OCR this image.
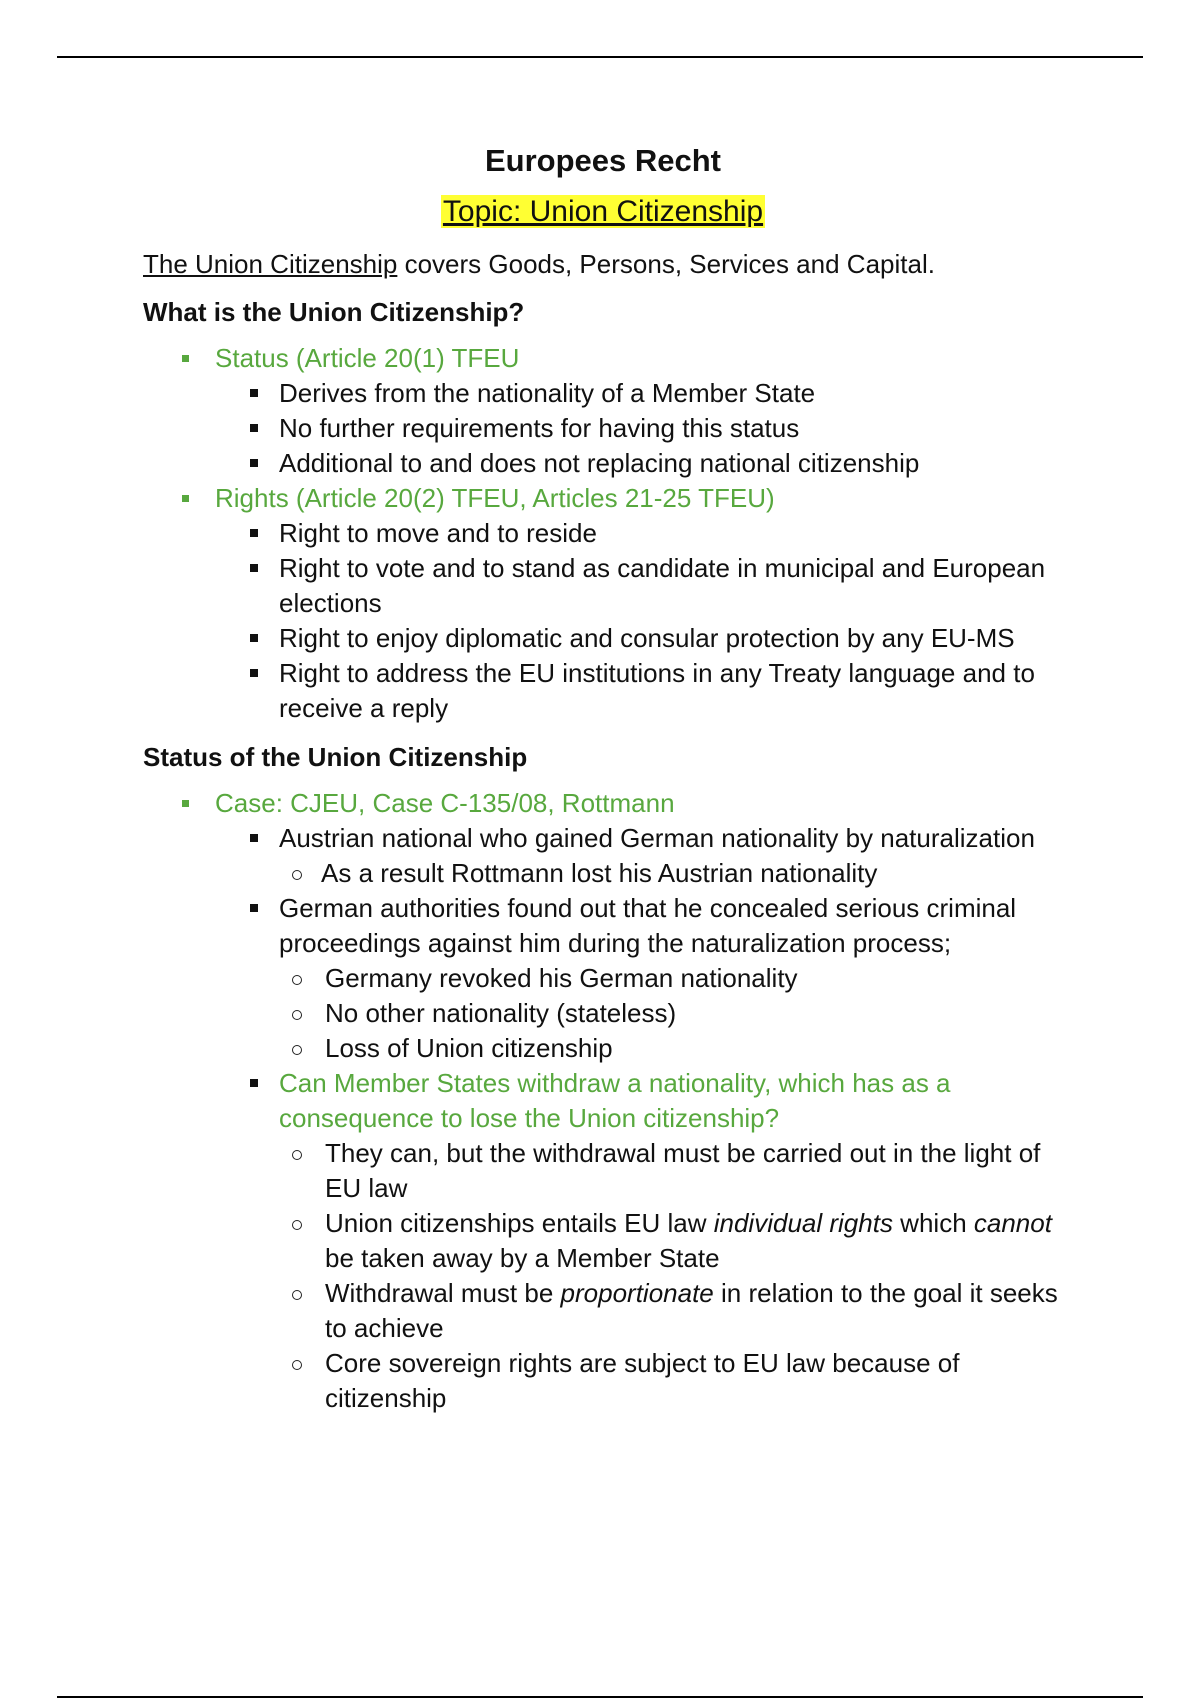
Europees Recht
Topic: Union Citizenship

The Union Citizenship covers Goods, Persons, Services and Capital.

What is the Union Citizenship?
Status (Article 20(1) TFEU
Derives from the nationality of a Member State
No further requirements for having this status
Additional to and does not replacing national citizenship
Rights (Article 20(2) TFEU, Articles 21-25 TFEU)
Right to move and to reside
Right to vote and to stand as candidate in municipal and European elections
Right to enjoy diplomatic and consular protection by any EU-MS
Right to address the EU institutions in any Treaty language and to receive a reply
Status of the Union Citizenship
Case: CJEU, Case C-135/08, Rottmann
Austrian national who gained German nationality by naturalization
As a result Rottmann lost his Austrian nationality
German authorities found out that he concealed serious criminal proceedings against him during the naturalization process;
Germany revoked his German nationality
No other nationality (stateless)
Loss of Union citizenship
Can Member States withdraw a nationality, which has as a consequence to lose the Union citizenship?
They can, but the withdrawal must be carried out in the light of EU law
Union citizenships entails EU law individual rights which cannot be taken away by a Member State
Withdrawal must be proportionate in relation to the goal it seeks to achieve
Core sovereign rights are subject to EU law because of citizenship
